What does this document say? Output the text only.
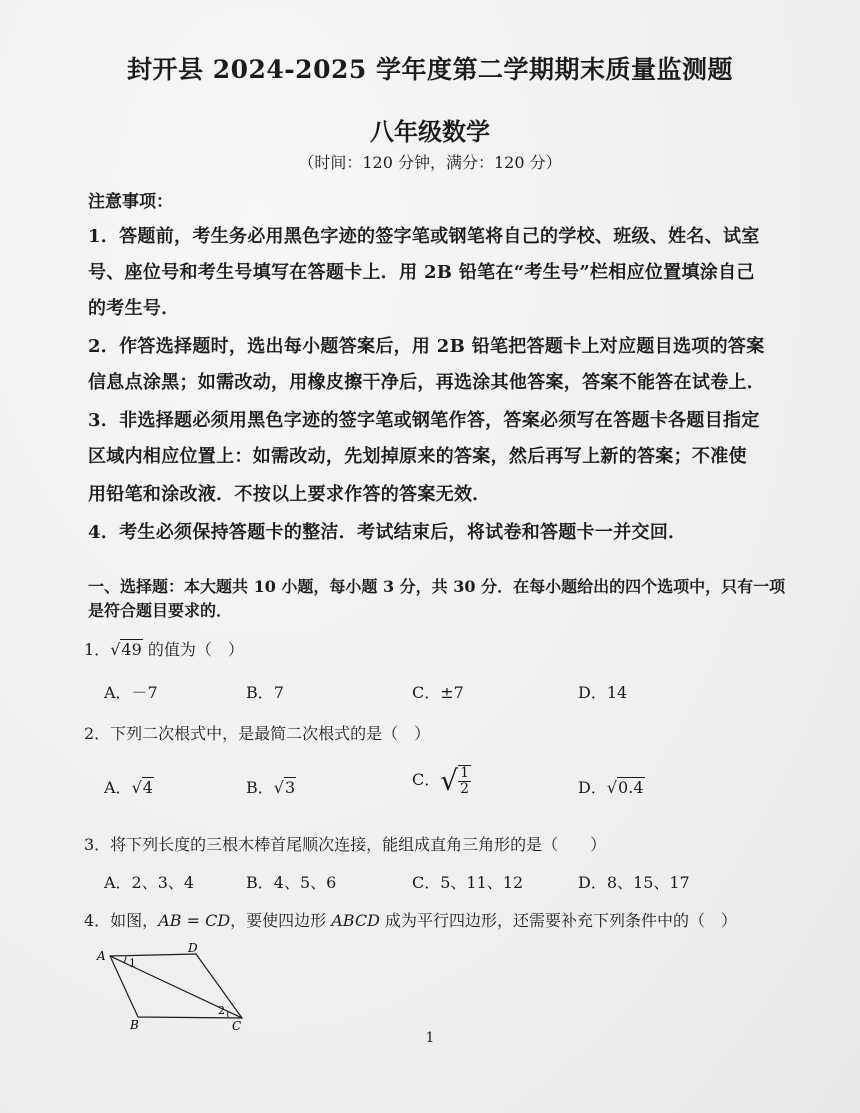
封开县 2024-2025 学年度第二学期期末质量监测题
八年级数学
（时间：120 分钟，满分：120 分）
注意事项：
1．答题前，考生务必用黑色字迹的签字笔或钢笔将自己的学校、班级、姓名、试室
号、座位号和考生号填写在答题卡上．用 2B 铅笔在“考生号”栏相应位置填涂自己
的考生号．
2．作答选择题时，选出每小题答案后，用 2B 铅笔把答题卡上对应题目选项的答案
信息点涂黑；如需改动，用橡皮擦干净后，再选涂其他答案，答案不能答在试卷上．
3．非选择题必须用黑色字迹的签字笔或钢笔作答，答案必须写在答题卡各题目指定
区域内相应位置上：如需改动，先划掉原来的答案，然后再写上新的答案；不准使
用铅笔和涂改液．不按以上要求作答的答案无效．
4．考生必须保持答题卡的整洁．考试结束后，将试卷和答题卡一并交回．
一、选择题：本大题共 10 小题，每小题 3 分，共 30 分．在每小题给出的四个选项中，只有一项
是符合题目要求的．
1．√49 的值为（　）
A．－7	B．7	C．±7	D．14
2．下列二次根式中，是最简二次根式的是（　）
A．√4	B．√3	C．√ $\frac{1}{2}$	D．√0.4
3．将下列长度的三根木棒首尾顺次连接，能组成直角三角形的是（　　）
A．2、3、4	B．4、5、6	C．5、11、12	D．8、15、17
4．如图，AB = CD，要使四边形 ABCD 成为平行四边形，还需要补充下列条件中的（　）
A
D
B	C
1
2
1
